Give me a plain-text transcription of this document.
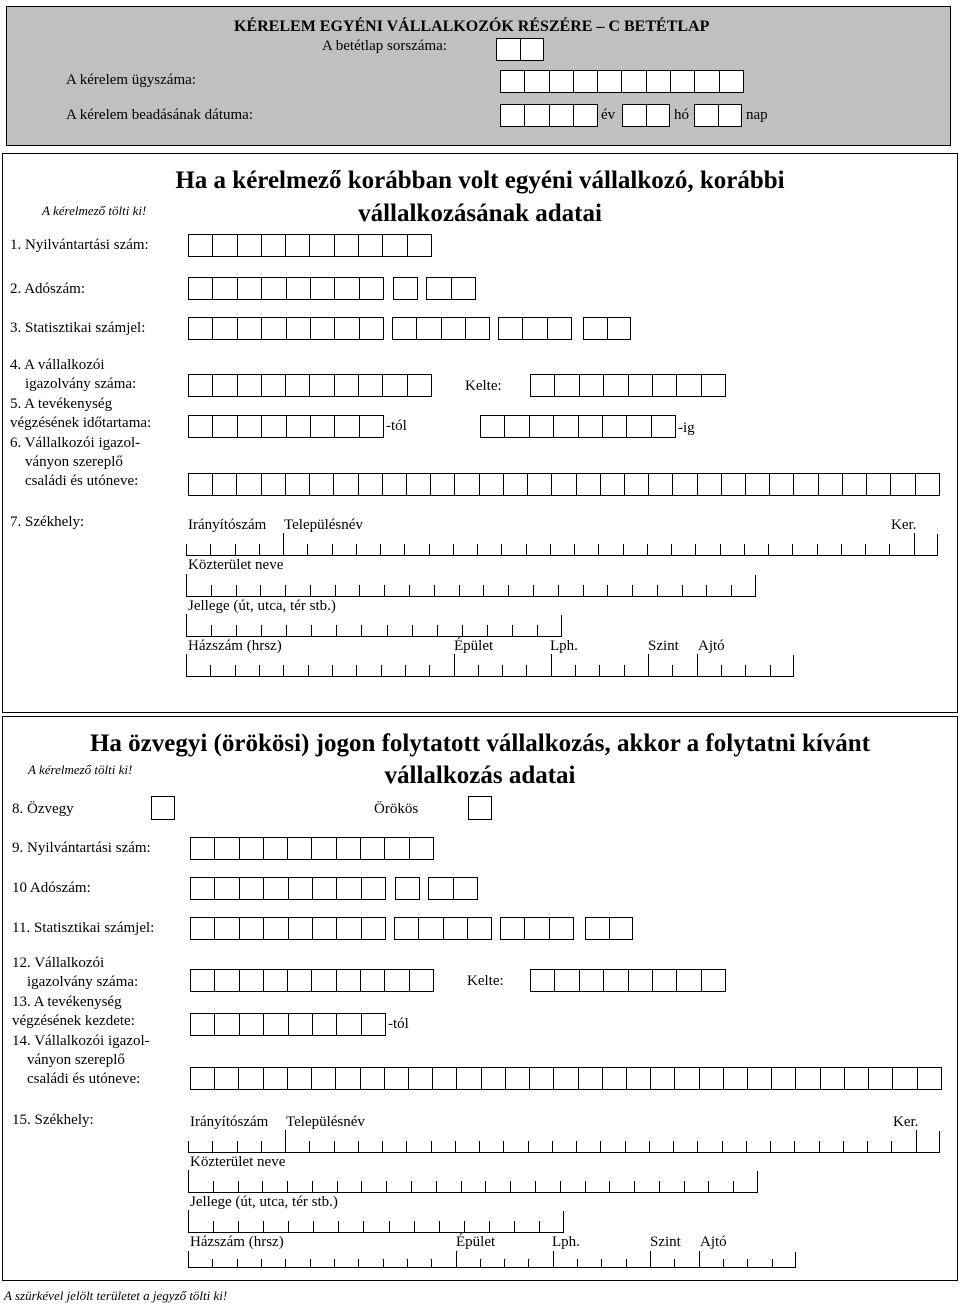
KÉRELEM EGYÉNI VÁLLALKOZÓK RÉSZÉRE – C BETÉTLAP
A betétlap sorszáma:
A kérelem ügyszáma:
A kérelem beadásának dátuma:	év	hó	nap
Ha a kérelmező korábban volt egyéni vállalkozó, korábbi
vállalkozásának adatai
A kérelmező tölti ki!
1. Nyilvántartási szám:
2. Adószám:
3. Statisztikai számjel:
4. A vállalkozói
igazolvány száma:	Kelte:
5. A tevékenység
végzésének időtartama:	-tól	-ig
6. Vállalkozói igazol-
ványon szereplő
családi és utóneve:
7. Székhely:	Irányítószám Településnév	Ker.
Közterület neve
Jellege (út, utca, tér stb.)
Házszám (hrsz)	Épület	Lph.	Szint Ajtó
Ha özvegyi (örökösi) jogon folytatott vállalkozás, akkor a folytatni kívánt
vállalkozás adatai
A kérelmező tölti ki!
8. Özvegy	Örökös
9. Nyilvántartási szám:
10 Adószám:
11. Statisztikai számjel:
12. Vállalkozói
igazolvány száma:	Kelte:
13. A tevékenység
végzésének kezdete:	-tól
14. Vállalkozói igazol-
ványon szereplő
családi és utóneve:
15. Székhely:	Irányítószám Településnév	Ker.
Közterület neve
Jellege (út, utca, tér stb.)
Házszám (hrsz)	Épület	Lph.	Szint Ajtó
A szürkével jelölt területet a jegyző tölti ki!
